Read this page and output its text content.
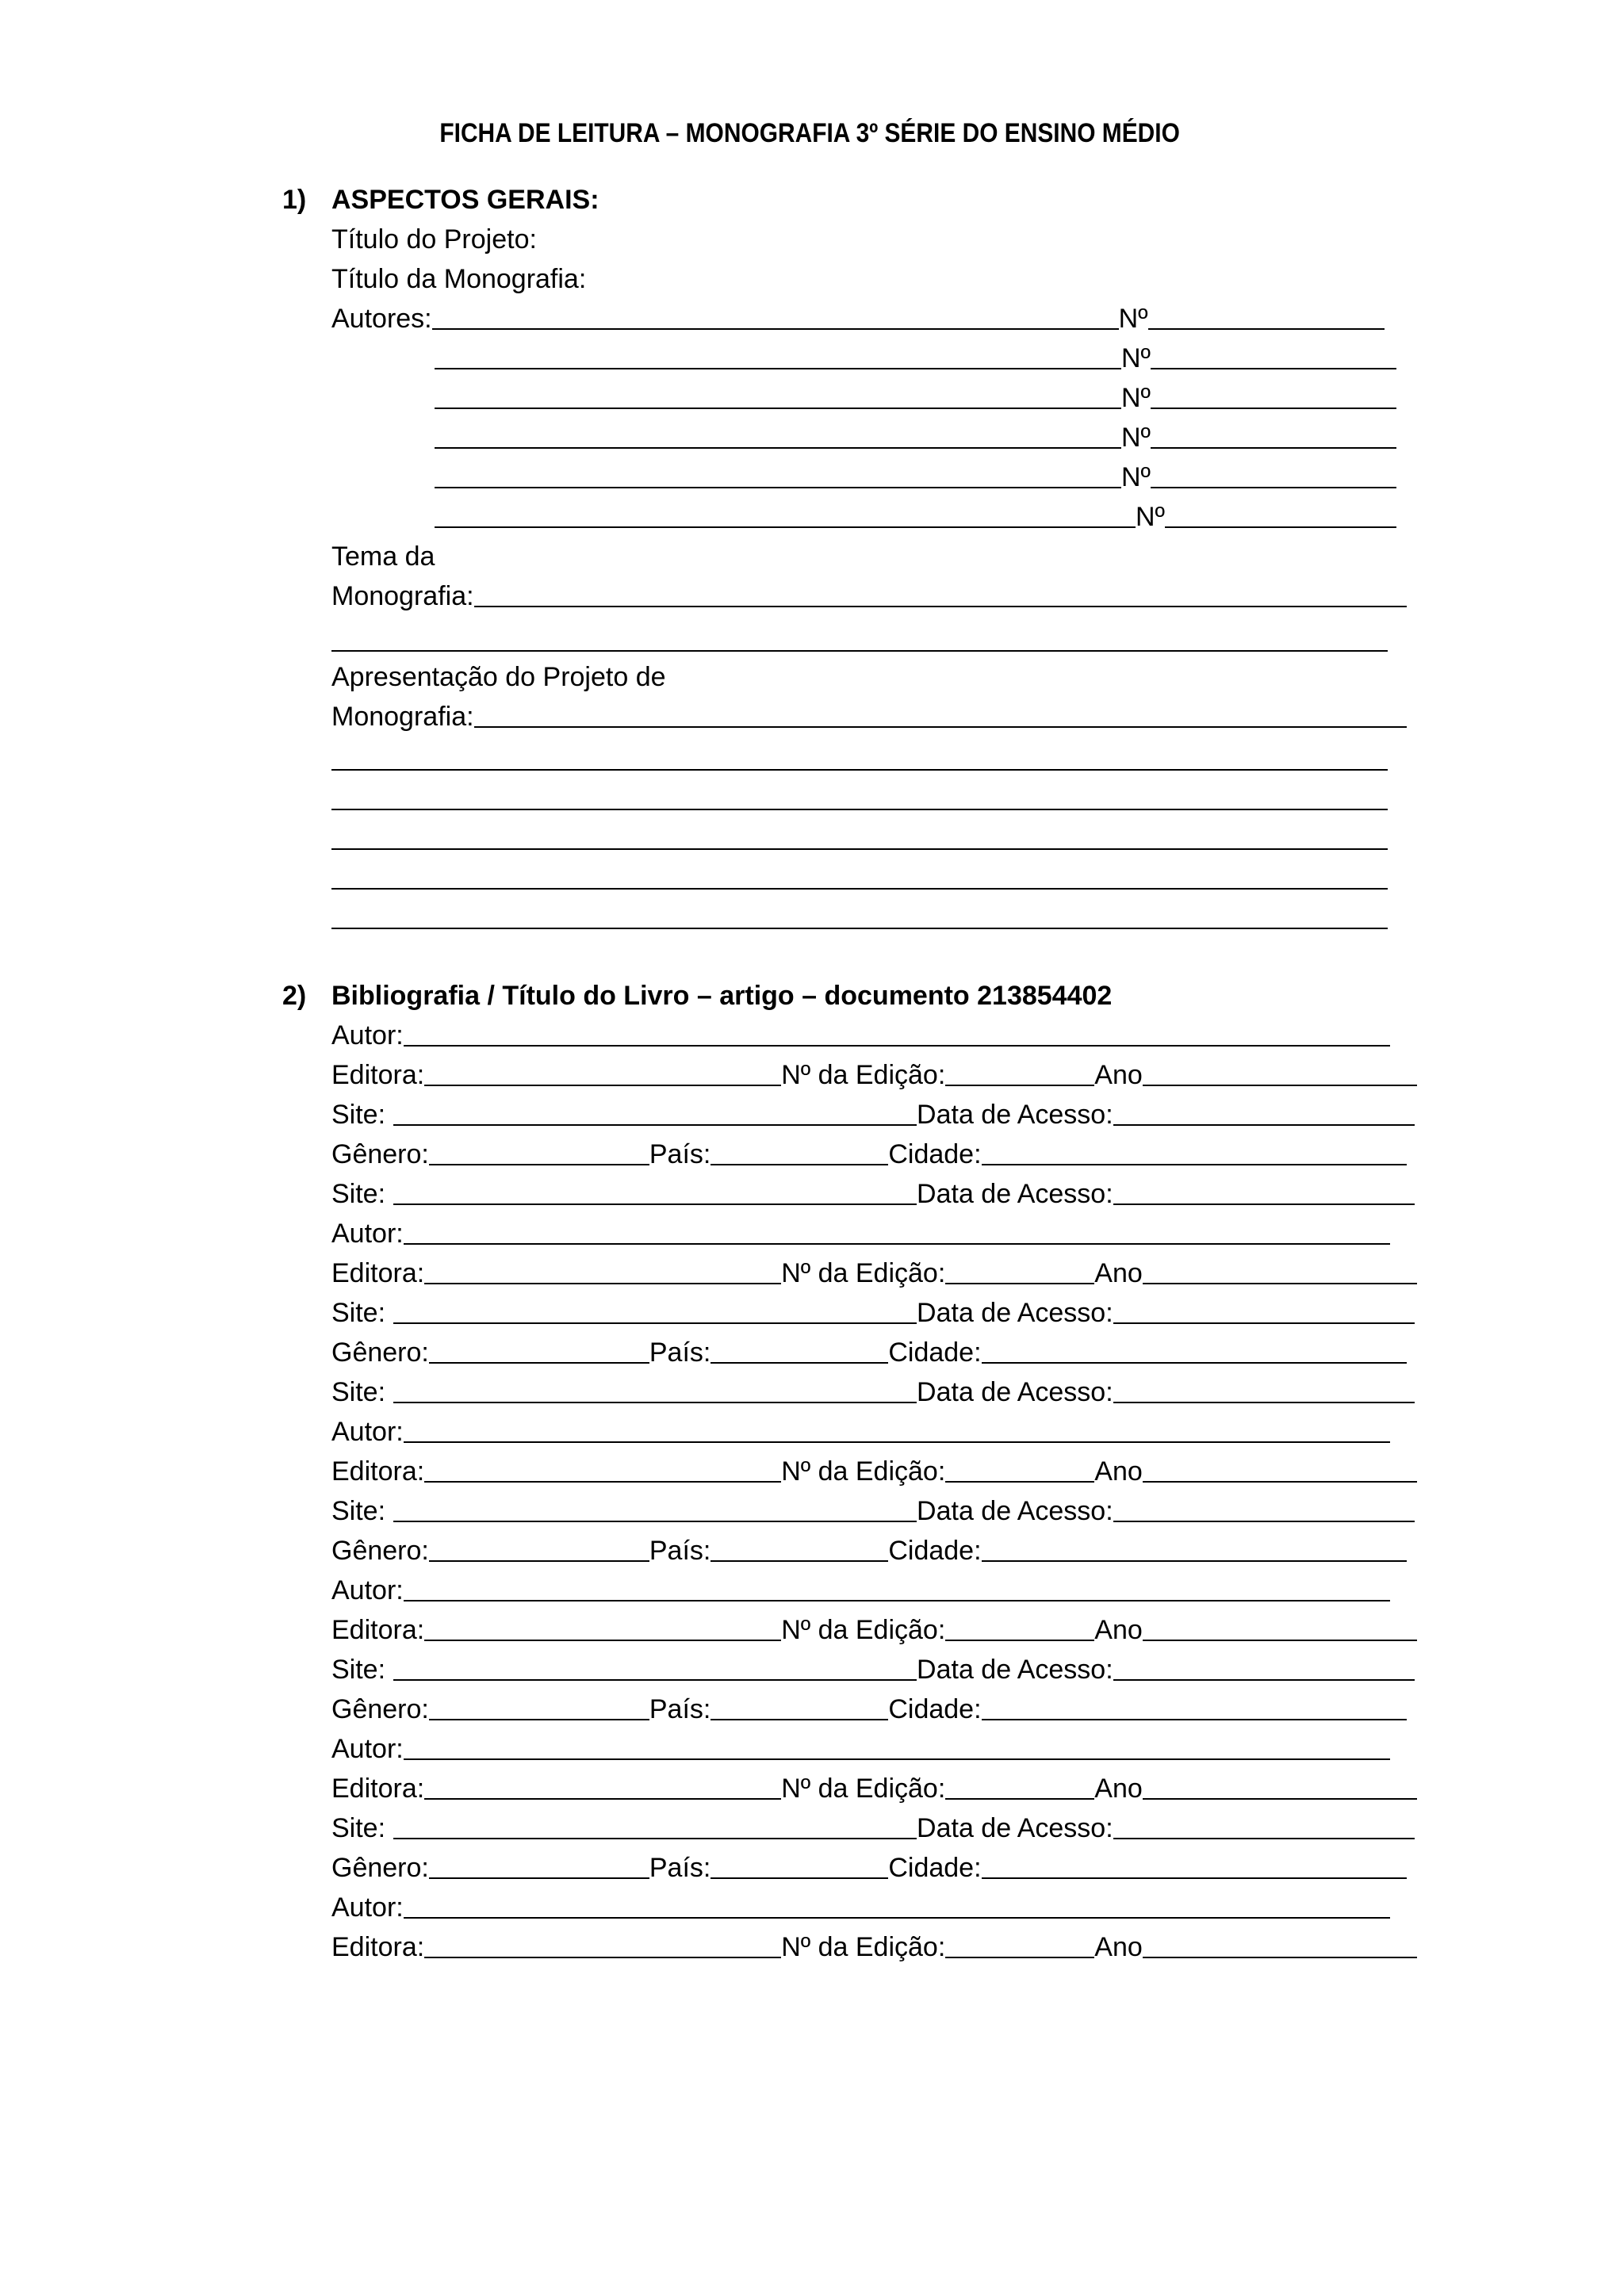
FICHA DE LEITURA – MONOGRAFIA 3º SÉRIE DO ENSINO MÉDIO
1) ASPECTOS GERAIS:
Título do Projeto:
Título da Monografia:
Autores:	Nº
Nº
Nº
Nº
Nº
Nº
Tema da
Monografia:
Apresentação do Projeto de
Monografia:
2) Bibliografia / Título do Livro – artigo – documento 213854402
Autor:
Editora:	Nº da Edição:	Ano
Site:	Data de Acesso:
Gênero:	País:	Cidade:
Site:	Data de Acesso:
Autor:
Editora:	Nº da Edição:	Ano
Site:	Data de Acesso:
Gênero:	País:	Cidade:
Site:	Data de Acesso:
Autor:
Editora:	Nº da Edição:	Ano
Site:	Data de Acesso:
Gênero:	País:	Cidade:
Autor:
Editora:	Nº da Edição:	Ano
Site:	Data de Acesso:
Gênero:	País:	Cidade:
Autor:
Editora:	Nº da Edição:	Ano
Site:	Data de Acesso:
Gênero:	País:	Cidade:
Autor:
Editora:	Nº da Edição:	Ano
